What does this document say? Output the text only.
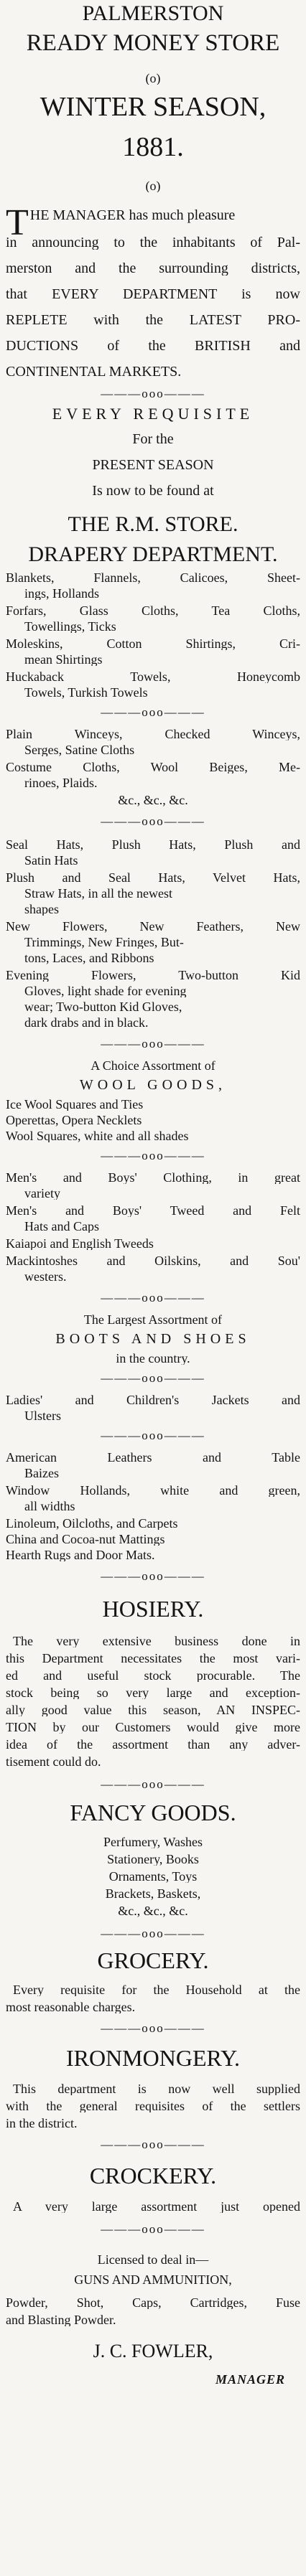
PALMERSTON
READY MONEY STORE
(o)
WINTER SEASON,
1881.
(o)
T HE MANAGER has much pleasure
in announcing to the inhabitants of Pal-
merston and the surrounding districts,
that EVERY DEPARTMENT is now
REPLETE with the LATEST PRO-
DUCTIONS of the BRITISH and
CONTINENTAL MARKETS.
———ooo———
EVERY REQUISITE
For the
PRESENT SEASON
Is now to be found at
THE R.M. STORE.
DRAPERY DEPARTMENT.
Blankets, Flannels, Calicoes, Sheet-
ings, Hollands
Forfars, Glass Cloths, Tea Cloths,
Towellings, Ticks
Moleskins, Cotton Shirtings, Cri-
mean Shirtings
Huckaback Towels, Honeycomb
Towels, Turkish Towels
———ooo———
Plain Winceys, Checked Winceys,
Serges, Satine Cloths
Costume Cloths, Wool Beiges, Me-
rinoes, Plaids.
&c., &c., &c.
———ooo———
Seal Hats, Plush Hats, Plush and
Satin Hats
Plush and Seal Hats, Velvet Hats,
Straw Hats, in all the newest
shapes
New Flowers, New Feathers, New
Trimmings, New Fringes, But-
tons, Laces, and Ribbons
Evening Flowers, Two-button Kid
Gloves, light shade for evening
wear; Two-button Kid Gloves,
dark drabs and in black.
———ooo———
A Choice Assortment of
WOOL GOODS,
Ice Wool Squares and Ties
Operettas, Opera Necklets
Wool Squares, white and all shades
———ooo———
Men's and Boys' Clothing, in great
variety
Men's and Boys' Tweed and Felt
Hats and Caps
Kaiapoi and English Tweeds
Mackintoshes and Oilskins, and Sou'
westers.
———ooo———
The Largest Assortment of
BOOTS AND SHOES
in the country.
———ooo———
Ladies' and Children's Jackets and
Ulsters
———ooo———
American Leathers and Table
Baizes
Window Hollands, white and green,
all widths
Linoleum, Oilcloths, and Carpets
China and Cocoa-nut Mattings
Hearth Rugs and Door Mats.
———ooo———
HOSIERY.
The very extensive business done in
this Department necessitates the most vari-
ed and useful stock procurable. The
stock being so very large and exception-
ally good value this season, AN INSPEC-
TION by our Customers would give more
idea of the assortment than any adver-
tisement could do.
———ooo———
FANCY GOODS.
Perfumery, Washes
Stationery, Books
Ornaments, Toys
Brackets, Baskets,
&c., &c., &c.
———ooo———
GROCERY.
Every requisite for the Household at the
most reasonable charges.
———ooo———
IRONMONGERY.
This department is now well supplied
with the general requisites of the settlers
in the district.
———ooo———
CROCKERY.
A very large assortment just opened
———ooo———
Licensed to deal in—
GUNS AND AMMUNITION,
Powder, Shot, Caps, Cartridges, Fuse
and Blasting Powder.
J. C. FOWLER,
MANAGER
